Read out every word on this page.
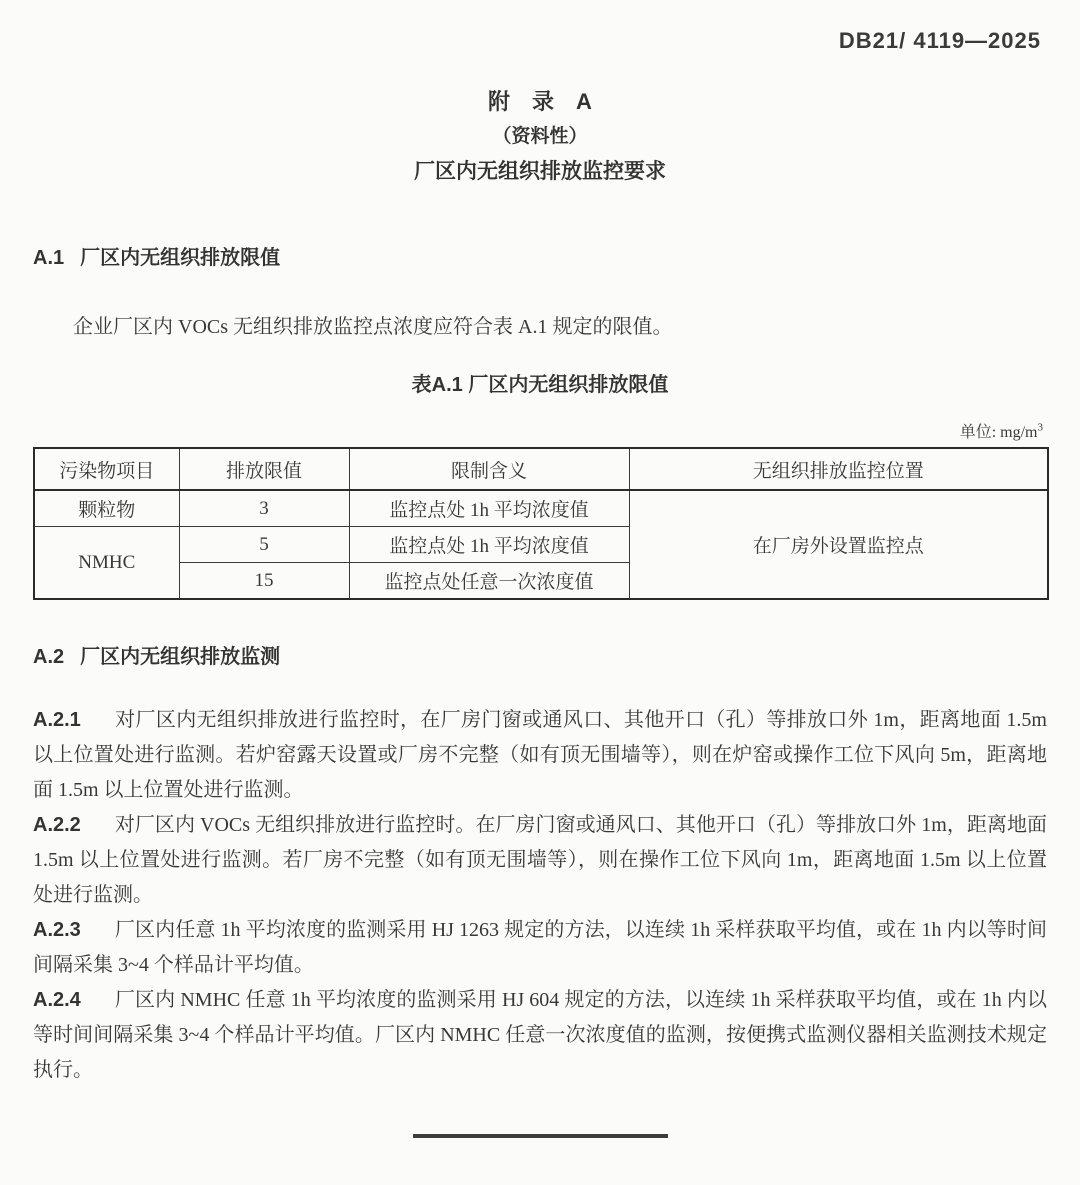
DB21/ 4119—2025
附　录　A
（资料性）
厂区内无组织排放监控要求
A.1 厂区内无组织排放限值

企业厂区内 VOCs 无组织排放监控点浓度应符合表 A.1 规定的限值。

表A.1 厂区内无组织排放限值
单位: $mg/m^3$
污染物项目	排放限值	限制含义	无组织排放监控位置
颗粒物	3	监控点处 1h 平均浓度值	在厂房外设置监控点
NMHC	5	监控点处 1h 平均浓度值	
	15	监控点处任意一次浓度值	
A.2 厂区内无组织排放监测

A.2.1 对厂区内无组织排放进行监控时，在厂房门窗或通风口、其他开口（孔）等排放口外 1m，距离地面 1.5m 以上位置处进行监测。若炉窑露天设置或厂房不完整（如有顶无围墙等），则在炉窑或操作工位下风向 5m，距离地面 1.5m 以上位置处进行监测。

A.2.2 对厂区内 VOCs 无组织排放进行监控时。在厂房门窗或通风口、其他开口（孔）等排放口外 1m，距离地面 1.5m 以上位置处进行监测。若厂房不完整（如有顶无围墙等），则在操作工位下风向 1m，距离地面 1.5m 以上位置处进行监测。

A.2.3 厂区内任意 1h 平均浓度的监测采用 HJ 1263 规定的方法，以连续 1h 采样获取平均值，或在 1h 内以等时间间隔采集 3~4 个样品计平均值。

A.2.4 厂区内 NMHC 任意 1h 平均浓度的监测采用 HJ 604 规定的方法，以连续 1h 采样获取平均值，或在 1h 内以等时间间隔采集 3~4 个样品计平均值。厂区内 NMHC 任意一次浓度值的监测，按便携式监测仪器相关监测技术规定执行。
